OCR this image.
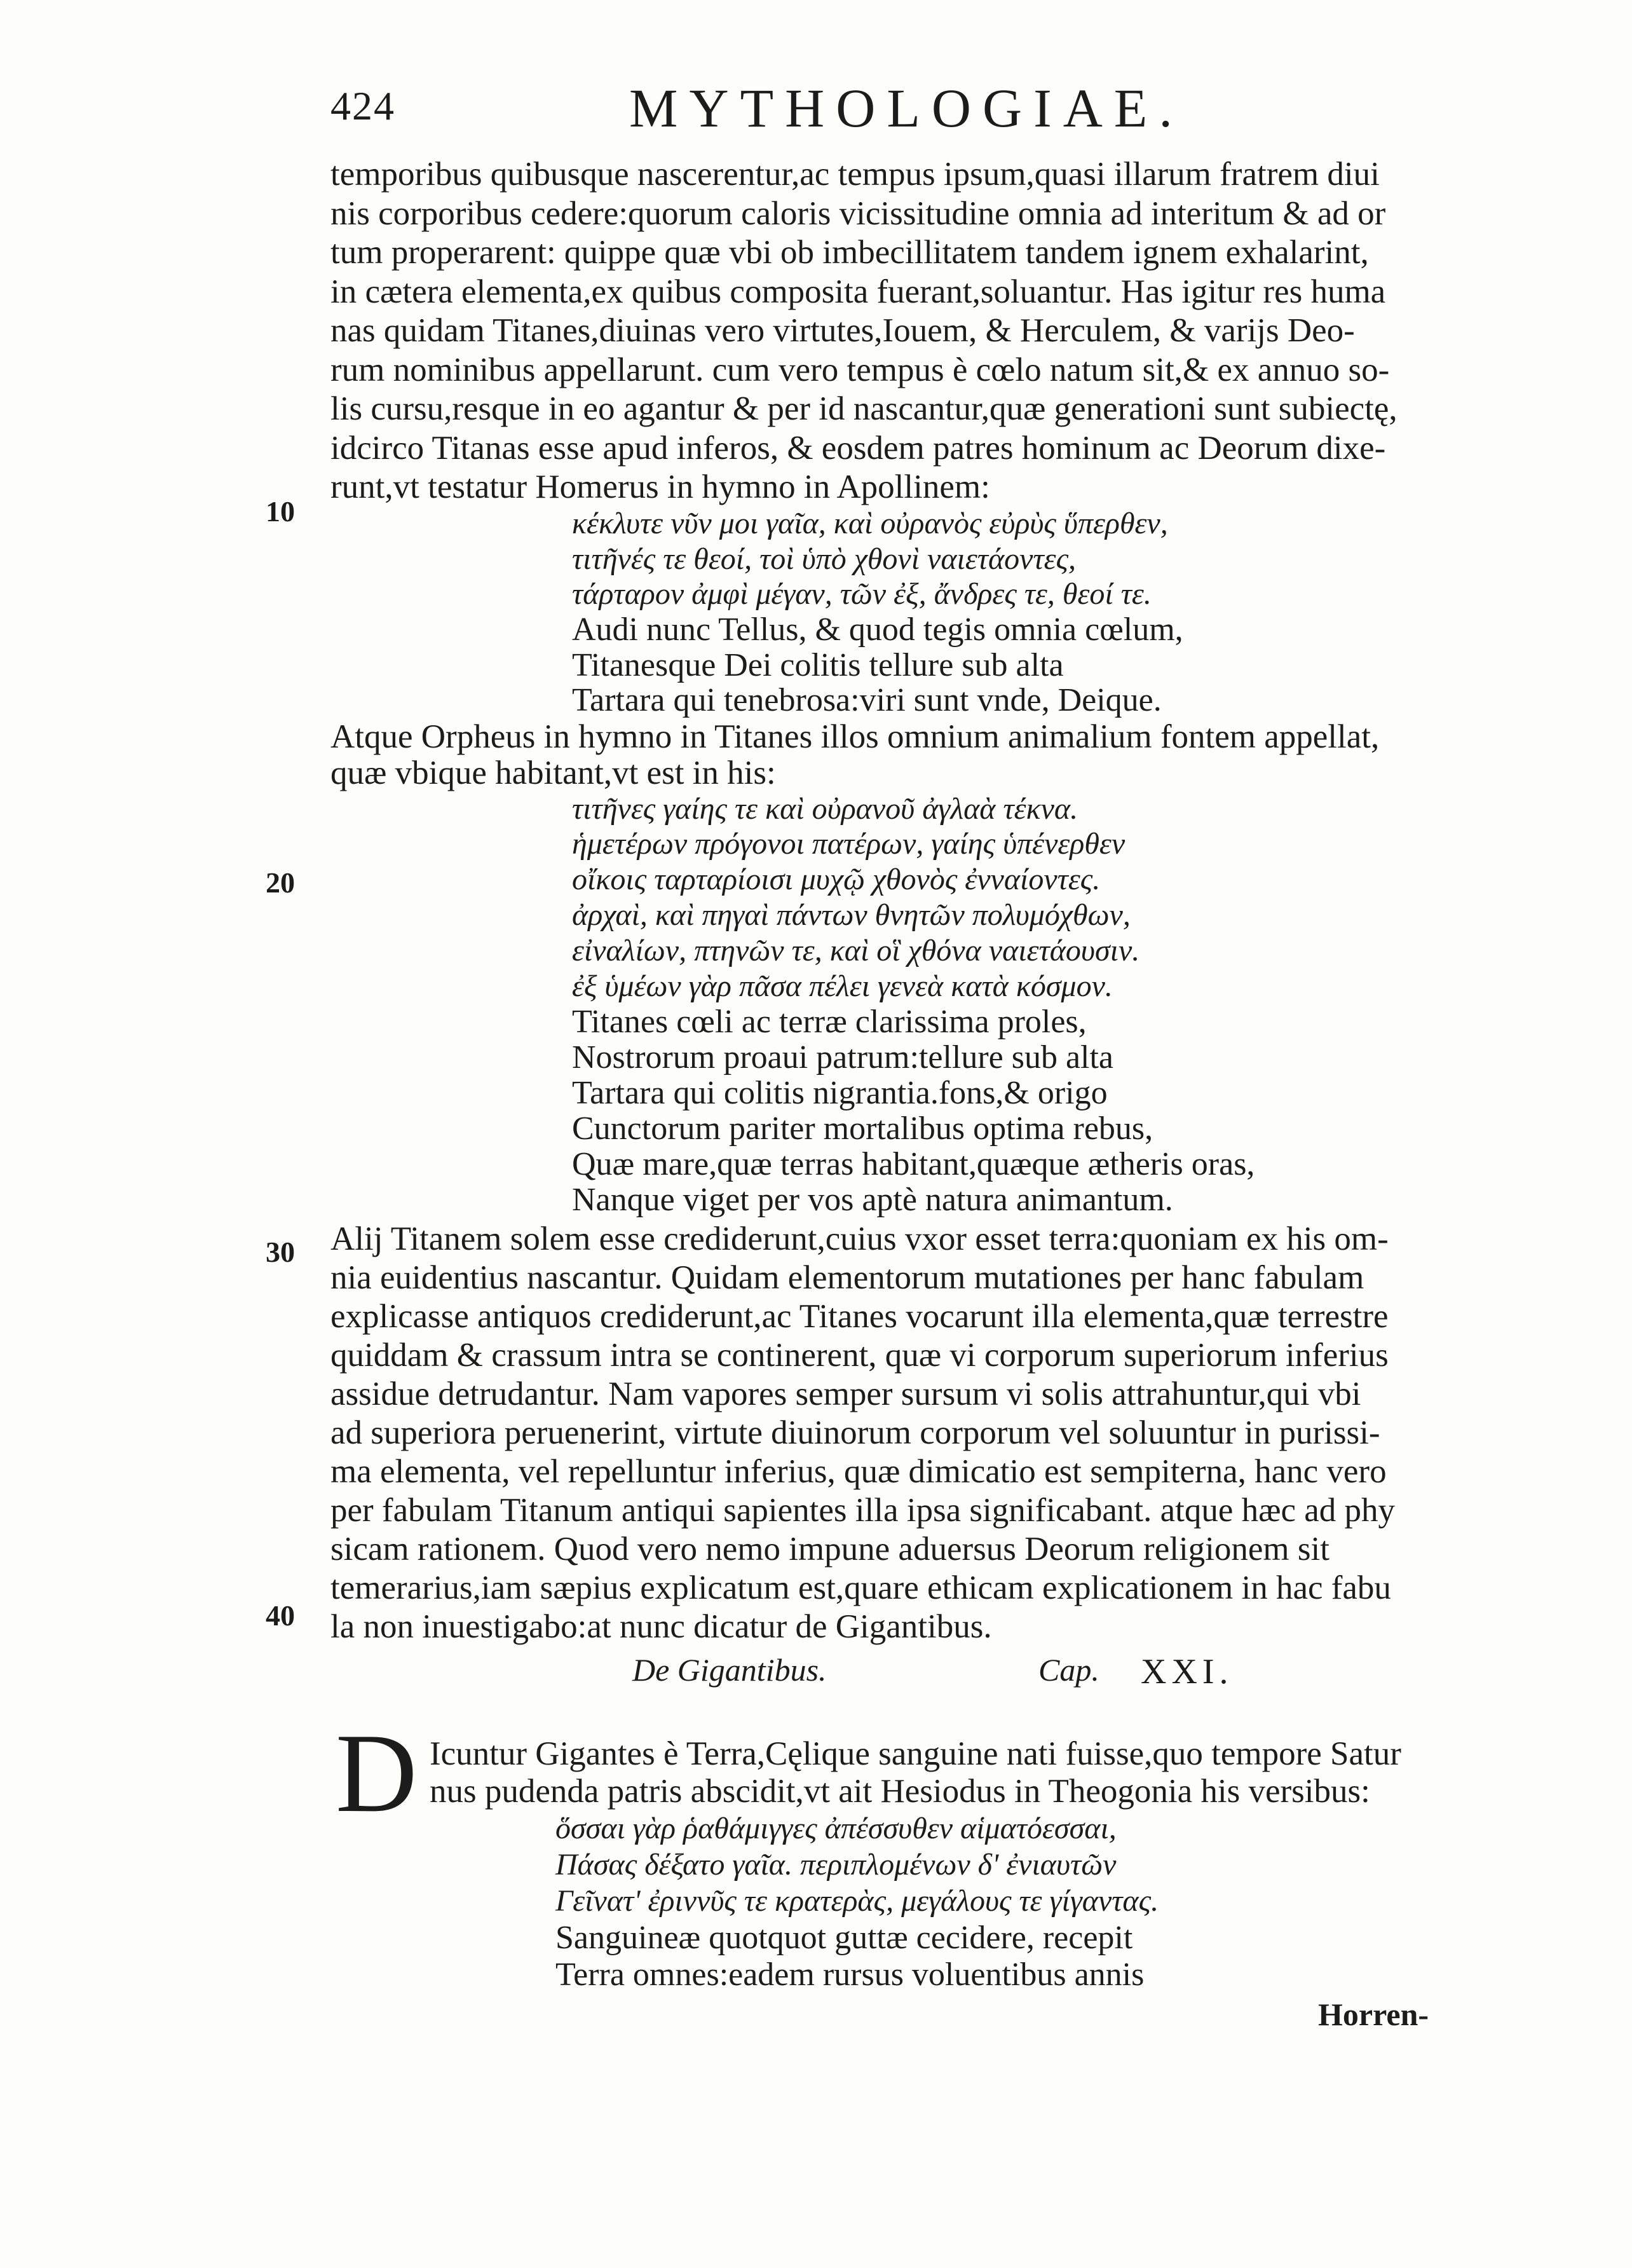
424	MYTHOLOGIAE.
temporibus quibusque nascerentur,ac tempus ipsum,quasi illarum fratrem diui
nis corporibus cedere:quorum caloris vicissitudine omnia ad interitum & ad or
tum properarent: quippe quæ vbi ob imbecillitatem tandem ignem exhalarint,
in cætera elementa,ex quibus composita fuerant,soluantur. Has igitur res huma
nas quidam Titanes,diuinas vero virtutes,Iouem, & Herculem, & varijs Deo-
rum nominibus appellarunt. cum vero tempus è cœlo natum sit,& ex annuo so-
lis cursu,resque in eo agantur & per id nascantur,quæ generationi sunt subiectę,
idcirco Titanas esse apud inferos, & eosdem patres hominum ac Deorum dixe-
runt,vt testatur Homerus in hymno in Apollinem:
κέκλυτε νῦν μοι γαῖα, καὶ οὐρανὸς εὐρὺς ὕπερθεν,
τιτῆνές τε θεοί, τοὶ ὑπὸ χθονὶ ναιετάοντες,
τάρταρον ἀμφὶ μέγαν, τῶν ἐξ, ἄνδρες τε, θεοί τε.
Audi nunc Tellus, & quod tegis omnia cœlum,
Titanesque Dei colitis tellure sub alta
Tartara qui tenebrosa:viri sunt vnde, Deique.
Atque Orpheus in hymno in Titanes illos omnium animalium fontem appellat,
quæ vbique habitant,vt est in his:
τιτῆνες γαίης τε καὶ οὐρανοῦ ἀγλαὰ τέκνα.
ἡμετέρων πρόγονοι πατέρων, γαίης ὑπένερθεν
οἴκοις ταρταρίοισι μυχῷ χθονὸς ἐνναίοντες.
ἀρχαὶ, καὶ πηγαὶ πάντων θνητῶν πολυμόχθων,
εἰναλίων, πτηνῶν τε, καὶ οἳ χθόνα ναιετάουσιν.
ἐξ ὑμέων γὰρ πᾶσα πέλει γενεὰ κατὰ κόσμον.
Titanes cœli ac terræ clarissima proles,
Nostrorum proaui patrum:tellure sub alta
Tartara qui colitis nigrantia.fons,& origo
Cunctorum pariter mortalibus optima rebus,
Quæ mare,quæ terras habitant,quæque ætheris oras,
Nanque viget per vos aptè natura animantum.
Alij Titanem solem esse crediderunt,cuius vxor esset terra:quoniam ex his om-
nia euidentius nascantur. Quidam elementorum mutationes per hanc fabulam
explicasse antiquos crediderunt,ac Titanes vocarunt illa elementa,quæ terrestre
quiddam & crassum intra se continerent, quæ vi corporum superiorum inferius
assidue detrudantur. Nam vapores semper sursum vi solis attrahuntur,qui vbi
ad superiora peruenerint, virtute diuinorum corporum vel soluuntur in purissi-
ma elementa, vel repelluntur inferius, quæ dimicatio est sempiterna, hanc vero
per fabulam Titanum antiqui sapientes illa ipsa significabant. atque hæc ad phy
sicam rationem. Quod vero nemo impune aduersus Deorum religionem sit
temerarius,iam sæpius explicatum est,quare ethicam explicationem in hac fabu
la non inuestigabo:at nunc dicatur de Gigantibus.
10
20
30
40
De Gigantibus.	Cap. XXI.
D Icuntur Gigantes è Terra,Cęlique sanguine nati fuisse,quo tempore Satur
nus pudenda patris abscidit,vt ait Hesiodus in Theogonia his versibus:
ὅσσαι γὰρ ῥαθάμιγγες ἀπέσσυθεν αἱματόεσσαι,
Πάσας δέξατο γαῖα. περιπλομένων δ' ἐνιαυτῶν
Γεῖνατ' ἐριννῦς τε κρατερὰς, μεγάλους τε γίγαντας.
Sanguineæ quotquot guttæ cecidere, recepit
Terra omnes:eadem rursus voluentibus annis
Horren-
